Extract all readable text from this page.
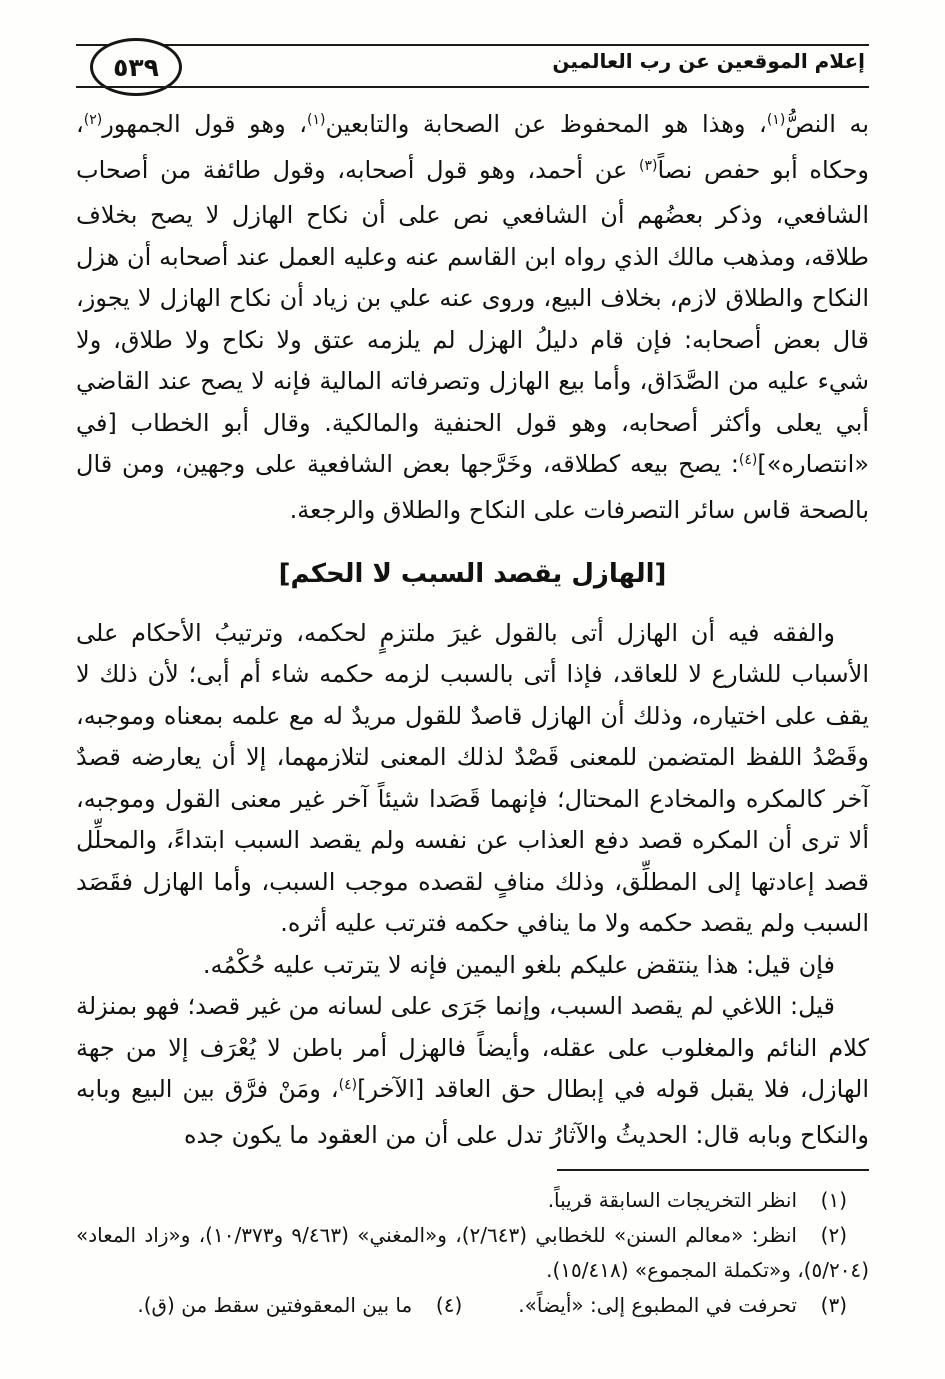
إعلام الموقعين عن رب العالمين
٥٣٩

به النصُّ$^{(١)}$، وهذا هو المحفوظ عن الصحابة والتابعين$^{(١)}$، وهو قول الجمهور$^{(٢)}$، وحكاه أبو حفص نصاً$^{(٣)}$ عن أحمد، وهو قول أصحابه، وقول طائفة من أصحاب الشافعي، وذكر بعضُهم أن الشافعي نص على أن نكاح الهازل لا يصح بخلاف طلاقه، ومذهب مالك الذي رواه ابن القاسم عنه وعليه العمل عند أصحابه أن هزل النكاح والطلاق لازم، بخلاف البيع، وروى عنه علي بن زياد أن نكاح الهازل لا يجوز، قال بعض أصحابه: فإن قام دليلُ الهزل لم يلزمه عتق ولا نكاح ولا طلاق، ولا شيء عليه من الصَّدَاق، وأما بيع الهازل وتصرفاته المالية فإنه لا يصح عند القاضي أبي يعلى وأكثر أصحابه، وهو قول الحنفية والمالكية. وقال أبو الخطاب [في «انتصاره»]$^{(٤)}$: يصح بيعه كطلاقه، وخَرَّجها بعض الشافعية على وجهين، ومن قال بالصحة قاس سائر التصرفات على النكاح والطلاق والرجعة.

[الهازل يقصد السبب لا الحكم]

والفقه فيه أن الهازل أتى بالقول غيرَ ملتزمٍ لحكمه، وترتيبُ الأحكام على الأسباب للشارع لا للعاقد، فإذا أتى بالسبب لزمه حكمه شاء أم أبى؛ لأن ذلك لا يقف على اختياره، وذلك أن الهازل قاصدٌ للقول مريدٌ له مع علمه بمعناه وموجبه، وقَصْدُ اللفظ المتضمن للمعنى قَصْدٌ لذلك المعنى لتلازمهما، إلا أن يعارضه قصدٌ آخر كالمكره والمخادع المحتال؛ فإنهما قَصَدا شيئاً آخر غير معنى القول وموجبه، ألا ترى أن المكره قصد دفع العذاب عن نفسه ولم يقصد السبب ابتداءً، والمحلِّل قصد إعادتها إلى المطلِّق، وذلك منافٍ لقصده موجب السبب، وأما الهازل فقَصَد السبب ولم يقصد حكمه ولا ما ينافي حكمه فترتب عليه أثره.

فإن قيل: هذا ينتقض عليكم بلغو اليمين فإنه لا يترتب عليه حُكْمُه.

قيل: اللاغي لم يقصد السبب، وإنما جَرَى على لسانه من غير قصد؛ فهو بمنزلة كلام النائم والمغلوب على عقله، وأيضاً فالهزل أمر باطن لا يُعْرَف إلا من جهة الهازل، فلا يقبل قوله في إبطال حق العاقد [الآخر]$^{(٤)}$، ومَنْ فرَّق بين البيع وبابه والنكاح وبابه قال: الحديثُ والآثارُ تدل على أن من العقود ما يكون جده

(١)انظر التخريجات السابقة قريباً.

(٢)انظر: «معالم السنن» للخطابي (٢/٦٤٣)، و«المغني» (٩/٤٦٣ و١٠/٣٧٣)، و«زاد المعاد» (٥/٢٠٤)، و«تكملة المجموع» (١٥/٤١٨).

(٣)تحرفت في المطبوع إلى: «أيضاً».(٤)ما بين المعقوفتين سقط من (ق).
